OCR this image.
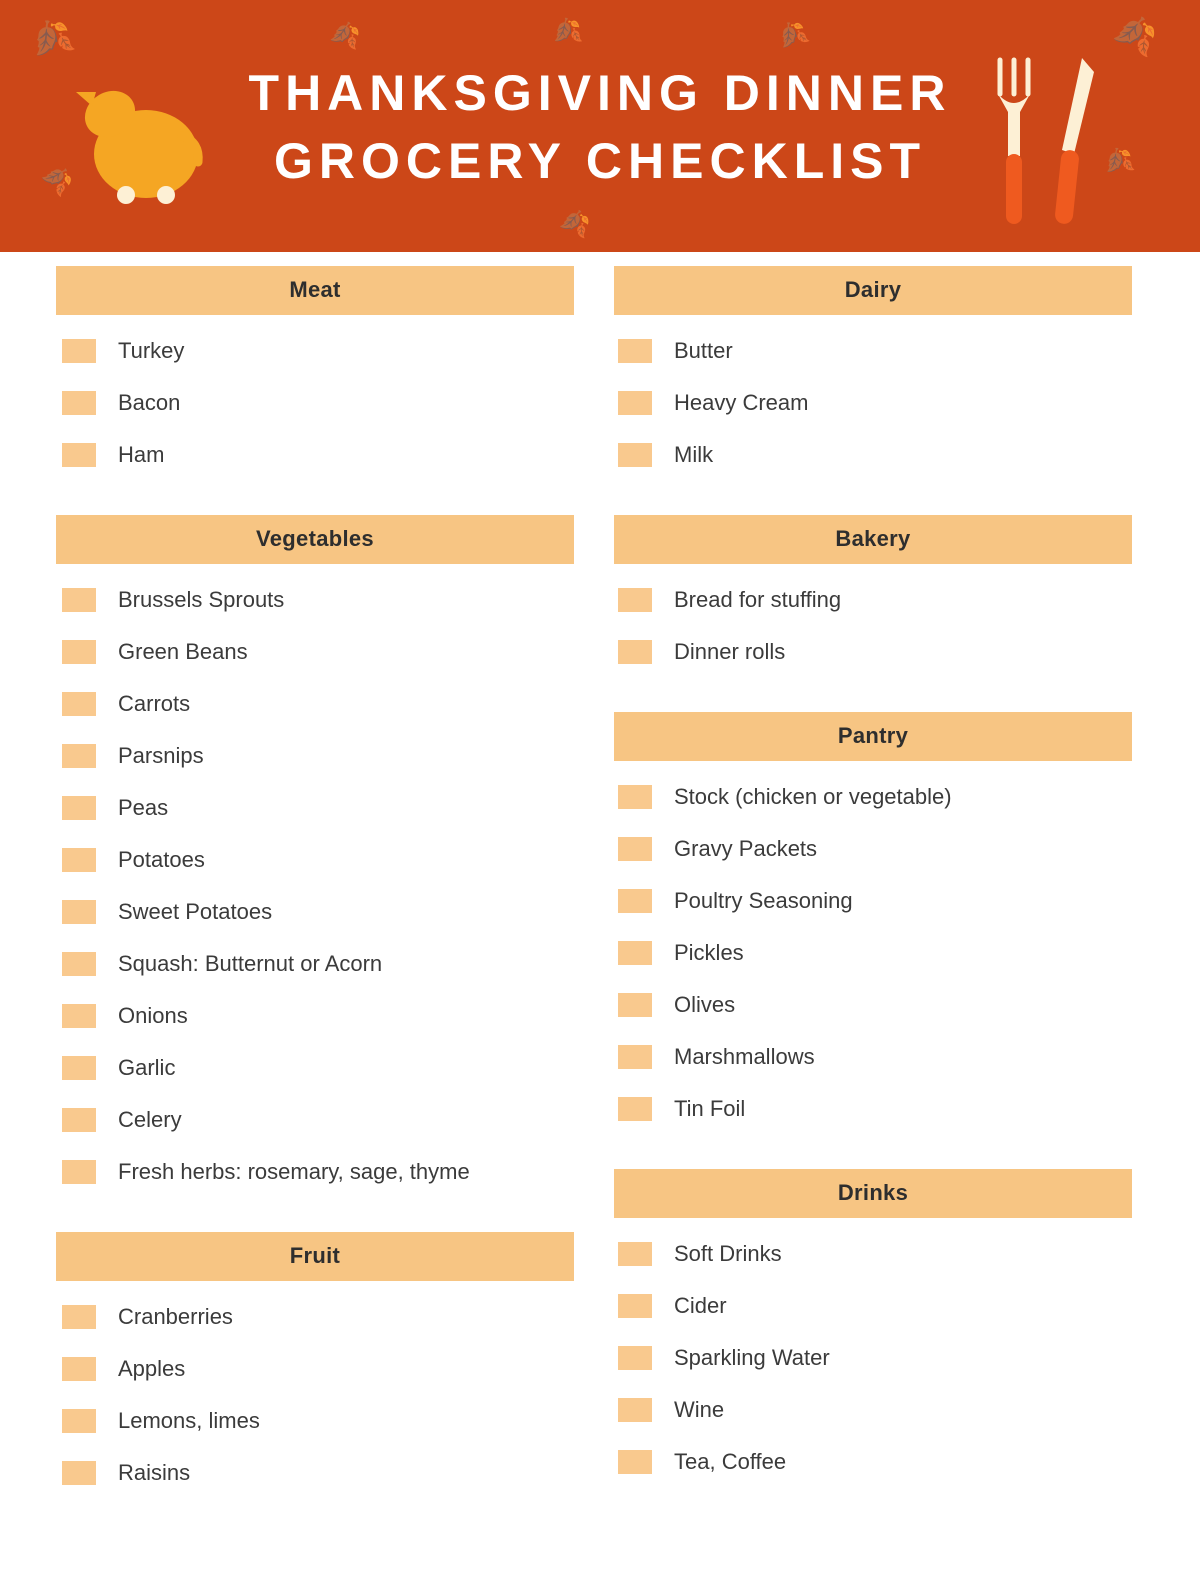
🍂
🍂
🍂	🍂
🍂
🍂	🍂
🍂
THANKSGIVING DINNER
GROCERY CHECKLIST
Meat
Turkey
Bacon
Ham
Vegetables
Brussels Sprouts
Green Beans
Carrots
Parsnips
Peas
Potatoes
Sweet Potatoes
Squash: Butternut or Acorn
Onions
Garlic
Celery
Fresh herbs: rosemary, sage, thyme
Fruit
Cranberries
Apples
Lemons, limes
Raisins
Dairy
Butter
Heavy Cream
Milk
Bakery
Bread for stuffing
Dinner rolls
Pantry
Stock (chicken or vegetable)
Gravy Packets
Poultry Seasoning
Pickles
Olives
Marshmallows
Tin Foil
Drinks
Soft Drinks
Cider
Sparkling Water
Wine
Tea, Coffee
